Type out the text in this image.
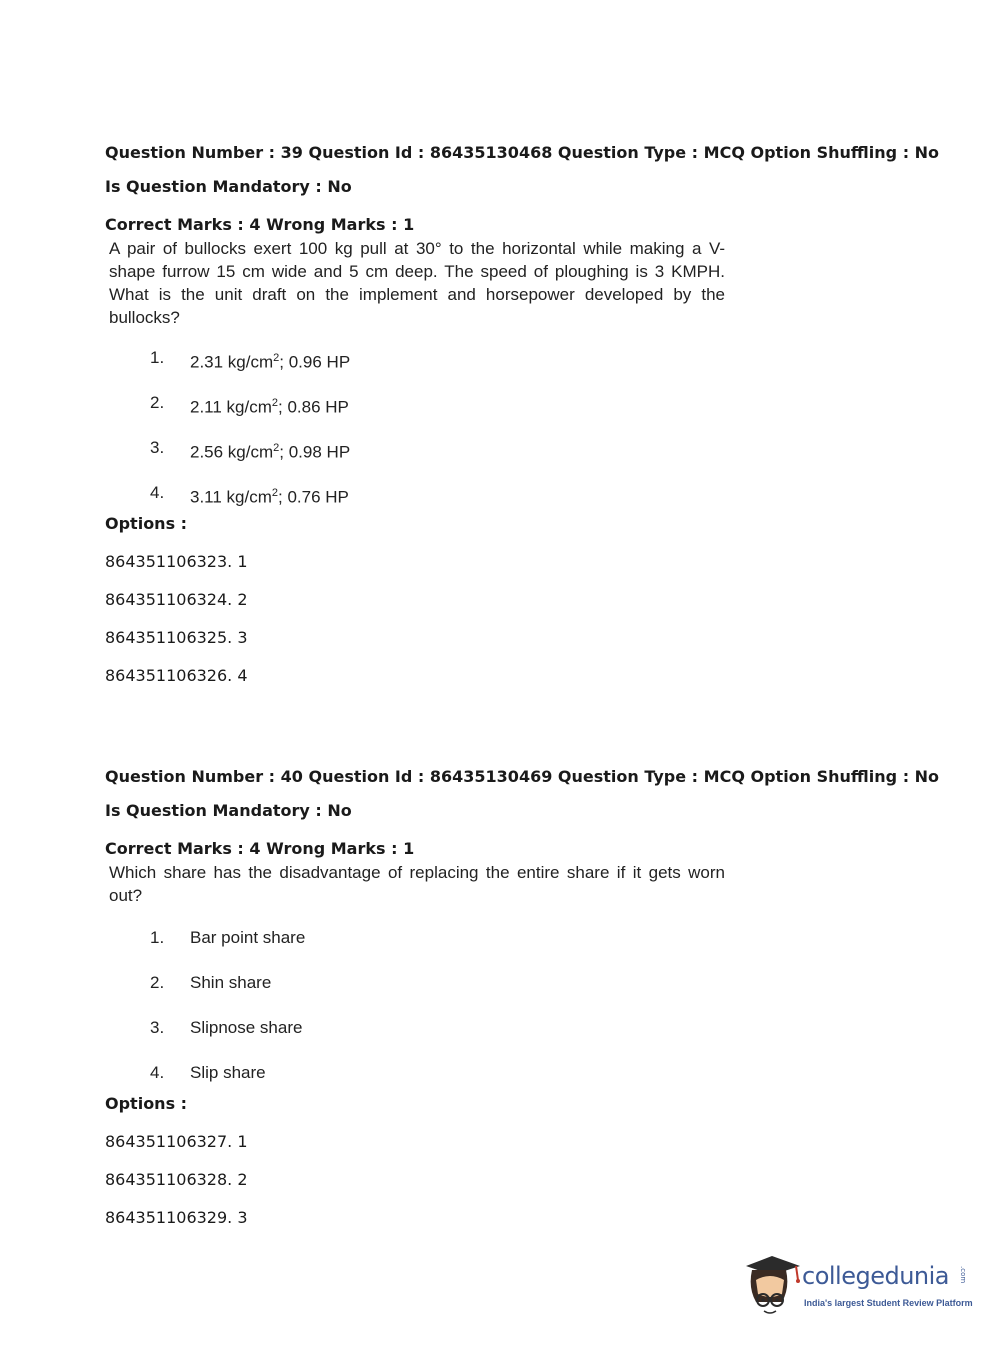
Question Number : 39 Question Id : 86435130468 Question Type : MCQ Option Shuffling : No
Is Question Mandatory : No
Correct Marks : 4 Wrong Marks : 1
A pair of bullocks exert 100 kg pull at 30° to the horizontal while making a V-shape furrow 15 cm wide and 5 cm deep. The speed of ploughing is 3 KMPH. What is the unit draft on the implement and horsepower developed by the bullocks?
1.	2.31 $kg/cm^2$; 0.96 HP
2.	2.11 $kg/cm^2$; 0.86 HP
3.	2.56 $kg/cm^2$; 0.98 HP
4.	3.11 $kg/cm^2$; 0.76 HP
Options :
864351106323. 1
864351106324. 2
864351106325. 3
864351106326. 4
Question Number : 40 Question Id : 86435130469 Question Type : MCQ Option Shuffling : No
Is Question Mandatory : No
Correct Marks : 4 Wrong Marks : 1
Which share has the disadvantage of replacing the entire share if it gets worn out?
1.	Bar point share
2.	Shin share
3.	Slipnose share
4.	Slip share
Options :
864351106327. 1
864351106328. 2
864351106329. 3
collegedunia .com
India's largest Student Review Platform
